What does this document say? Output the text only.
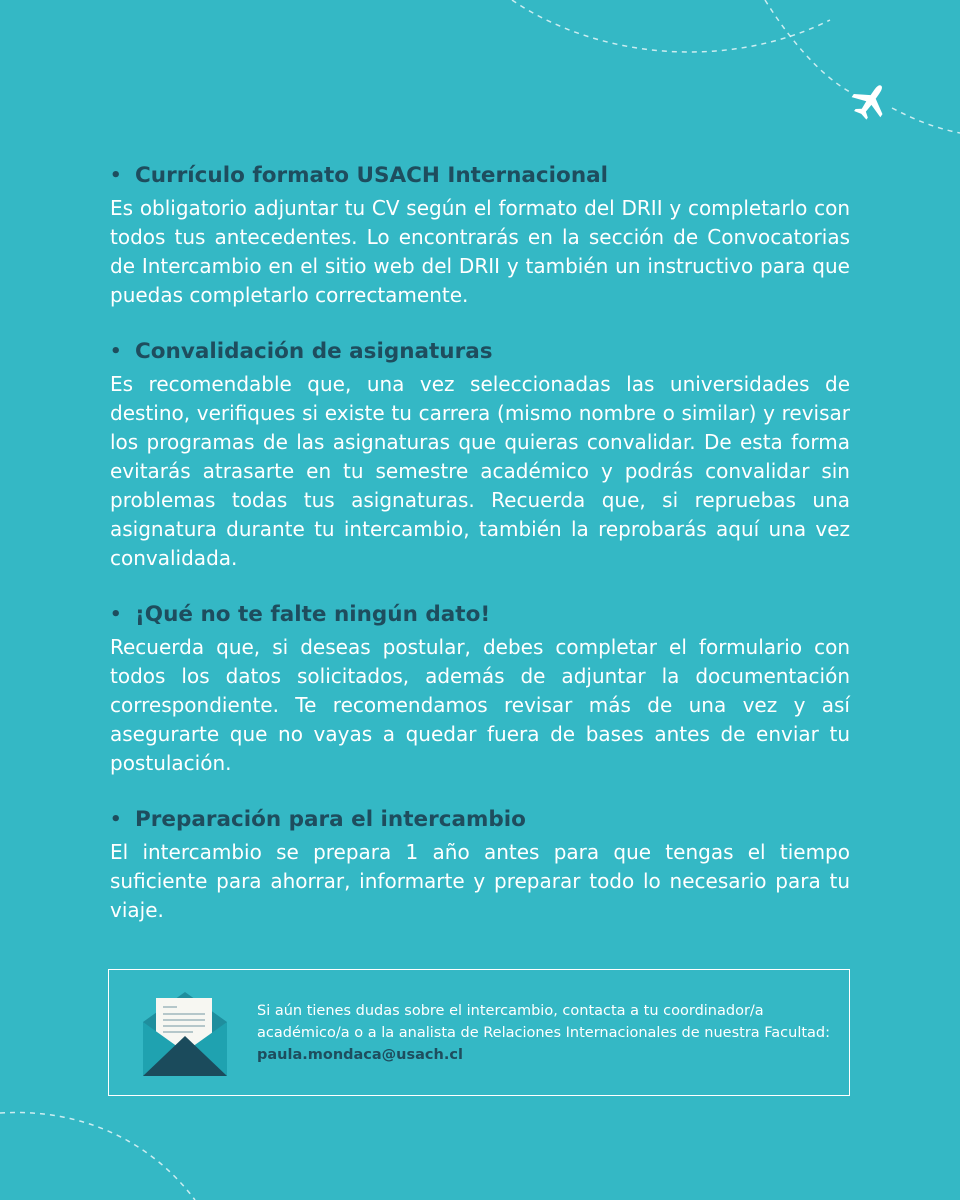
• Currículo formato USACH Internacional

Es obligatorio adjuntar tu CV según el formato del DRII y completarlo con todos tus antecedentes. Lo encontrarás en la sección de Convocatorias de Intercambio en el sitio web del DRII y también un instructivo para que puedas completarlo correctamente.

• Convalidación de asignaturas

Es recomendable que, una vez seleccionadas las universidades de destino, verifiques si existe tu carrera (mismo nombre o similar) y revisar los programas de las asignaturas que quieras convalidar. De esta forma evitarás atrasarte en tu semestre académico y podrás convalidar sin problemas todas tus asignaturas. Recuerda que, si repruebas una asignatura durante tu intercambio, también la reprobarás aquí una vez convalidada.

• ¡Qué no te falte ningún dato!

Recuerda que, si deseas postular, debes completar el formulario con todos los datos solicitados, además de adjuntar la documentación correspondiente. Te recomendamos revisar más de una vez y así asegurarte que no vayas a quedar fuera de bases antes de enviar tu postulación.

• Preparación para el intercambio

El intercambio se prepara 1 año antes para que tengas el tiempo suficiente para ahorrar, informarte y preparar todo lo necesario para tu viaje.

Si aún tienes dudas sobre el intercambio, contacta a tu coordinador/a académico/a o a la analista de Relaciones Internacionales de nuestra Facultad: paula.mondaca@usach.cl
